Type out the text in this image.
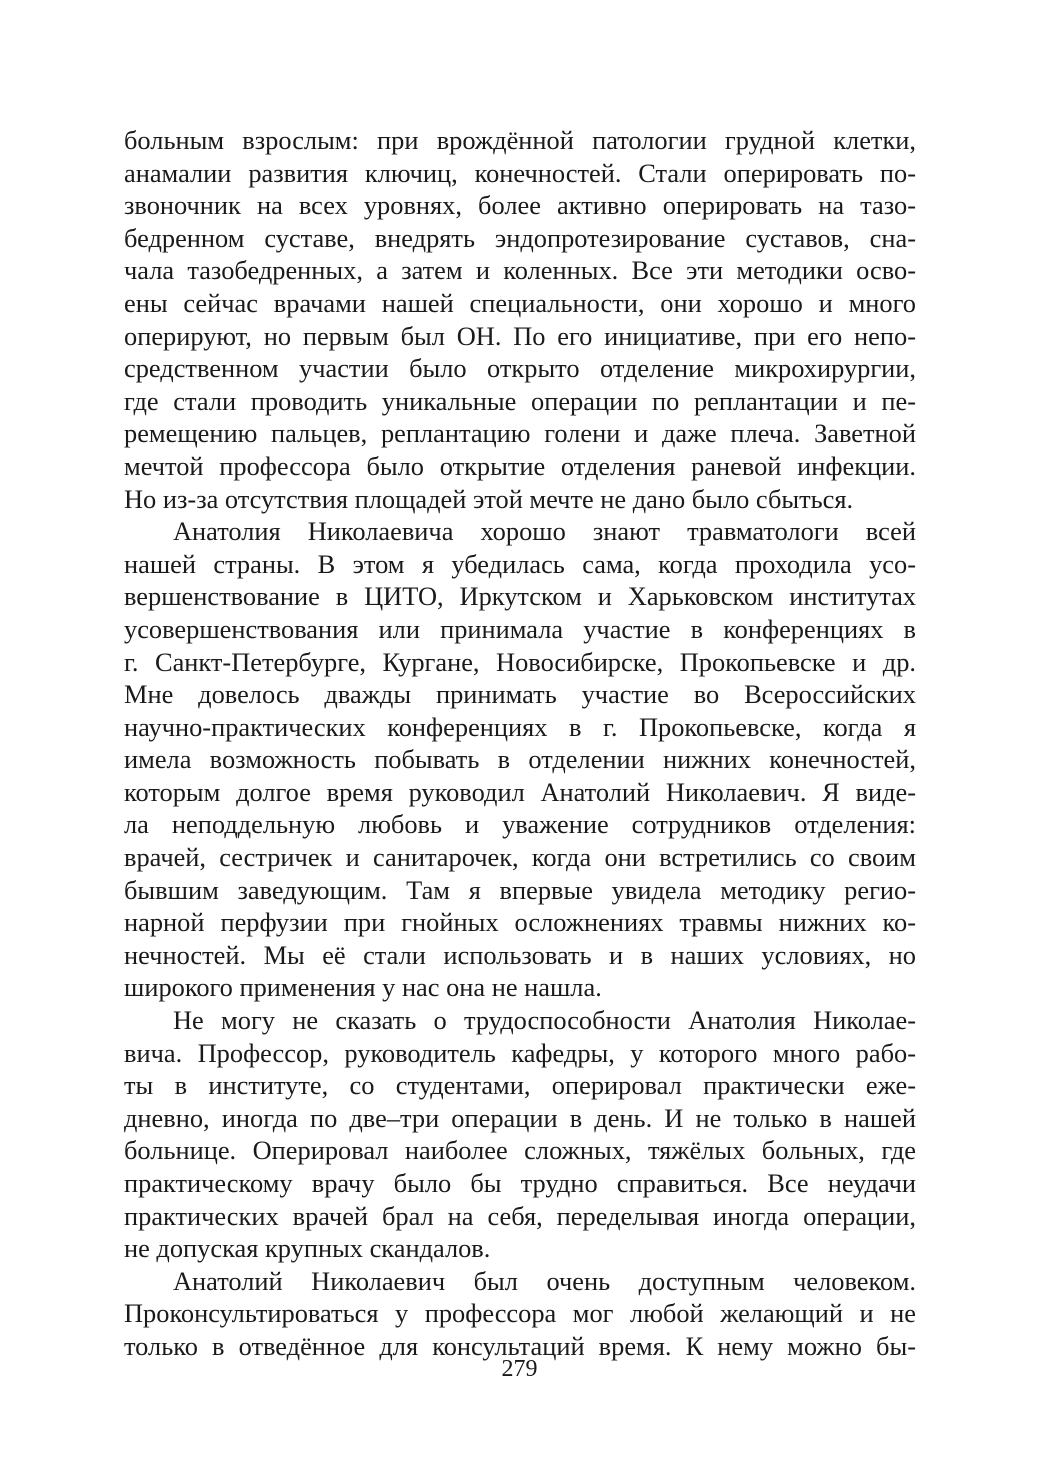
больным взрослым: при врождённой патологии грудной клетки,
анамалии развития ключиц, конечностей. Стали оперировать по-
звоночник на всех уровнях, более активно оперировать на тазо-
бедренном суставе, внедрять эндопротезирование суставов, сна-
чала тазобедренных, а затем и коленных. Все эти методики осво-
ены сейчас врачами нашей специальности, они хорошо и много
оперируют, но первым был ОН. По его инициативе, при его непо-
средственном участии было открыто отделение микрохирургии,
где стали проводить уникальные операции по реплантации и пе-
ремещению пальцев, реплантацию голени и даже плеча. Заветной
мечтой профессора было открытие отделения раневой инфекции.
Но из-за отсутствия площадей этой мечте не дано было сбыться.
Анатолия Николаевича хорошо знают травматологи всей
нашей страны. В этом я убедилась сама, когда проходила усо-
вершенствование в ЦИТО, Иркутском и Харьковском институтах
усовершенствования или принимала участие в конференциях в
г. Санкт-Петербурге, Кургане, Новосибирске, Прокопьевске и др.
Мне довелось дважды принимать участие во Всероссийских
научно-практических конференциях в г. Прокопьевске, когда я
имела возможность побывать в отделении нижних конечностей,
которым долгое время руководил Анатолий Николаевич. Я виде-
ла неподдельную любовь и уважение сотрудников отделения:
врачей, сестричек и санитарочек, когда они встретились со своим
бывшим заведующим. Там я впервые увидела методику регио-
нарной перфузии при гнойных осложнениях травмы нижних ко-
нечностей. Мы её стали использовать и в наших условиях, но
широкого применения у нас она не нашла.
Не могу не сказать о трудоспособности Анатолия Николае-
вича. Профессор, руководитель кафедры, у которого много рабо-
ты в институте, со студентами, оперировал практически еже-
дневно, иногда по две–три операции в день. И не только в нашей
больнице. Оперировал наиболее сложных, тяжёлых больных, где
практическому врачу было бы трудно справиться. Все неудачи
практических врачей брал на себя, переделывая иногда операции,
не допуская крупных скандалов.
Анатолий Николаевич был очень доступным человеком.
Проконсультироваться у профессора мог любой желающий и не
только в отведённое для консультаций время. К нему можно бы-
279
